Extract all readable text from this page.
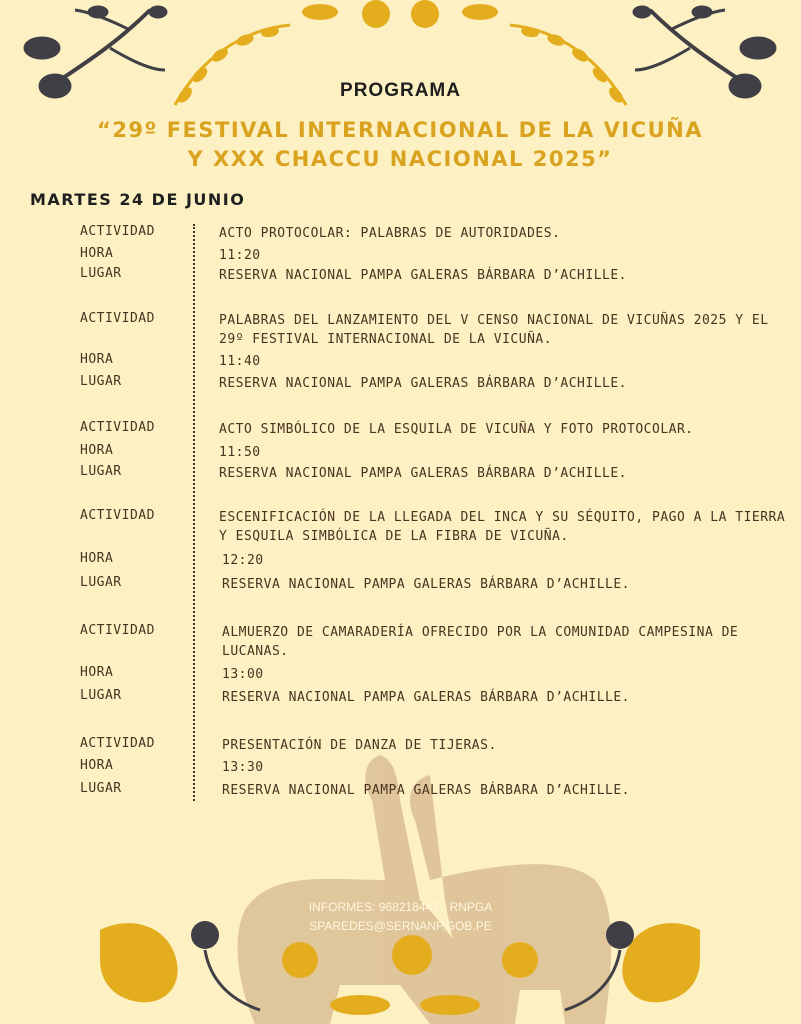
PROGRAMA
“29º FESTIVAL INTERNACIONAL DE LA VICUÑA
Y XXX CHACCU NACIONAL 2025”
MARTES 24 DE JUNIO
ACTIVIDAD	ACTO PROTOCOLAR: PALABRAS DE AUTORIDADES.
HORA	11:20
LUGAR	RESERVA NACIONAL PAMPA GALERAS BÁRBARA D’ACHILLE.
ACTIVIDAD	PALABRAS DEL LANZAMIENTO DEL V CENSO NACIONAL DE VICUÑAS 2025 Y EL 29º FESTIVAL INTERNACIONAL DE LA VICUÑA.
HORA	11:40
LUGAR	RESERVA NACIONAL PAMPA GALERAS BÁRBARA D’ACHILLE.
ACTIVIDAD	ACTO SIMBÓLICO DE LA ESQUILA DE VICUÑA Y FOTO PROTOCOLAR.
HORA	11:50
LUGAR	RESERVA NACIONAL PAMPA GALERAS BÁRBARA D’ACHILLE.
ACTIVIDAD	ESCENIFICACIÓN DE LA LLEGADA DEL INCA Y SU SÉQUITO, PAGO A LA TIERRA Y ESQUILA SIMBÓLICA DE LA FIBRA DE VICUÑA.
HORA	12:20
LUGAR	RESERVA NACIONAL PAMPA GALERAS BÁRBARA D’ACHILLE.
ACTIVIDAD	ALMUERZO DE CAMARADERÍA OFRECIDO POR LA COMUNIDAD CAMPESINA DE LUCANAS.
HORA	13:00
LUGAR	RESERVA NACIONAL PAMPA GALERAS BÁRBARA D’ACHILLE.
ACTIVIDAD	PRESENTACIÓN DE DANZA DE TIJERAS.
HORA	13:30
LUGAR	RESERVA NACIONAL PAMPA GALERAS BÁRBARA D’ACHILLE.
INFORMES: 968218447 - RNPGA
SPAREDES@SERNANP.GOB.PE
